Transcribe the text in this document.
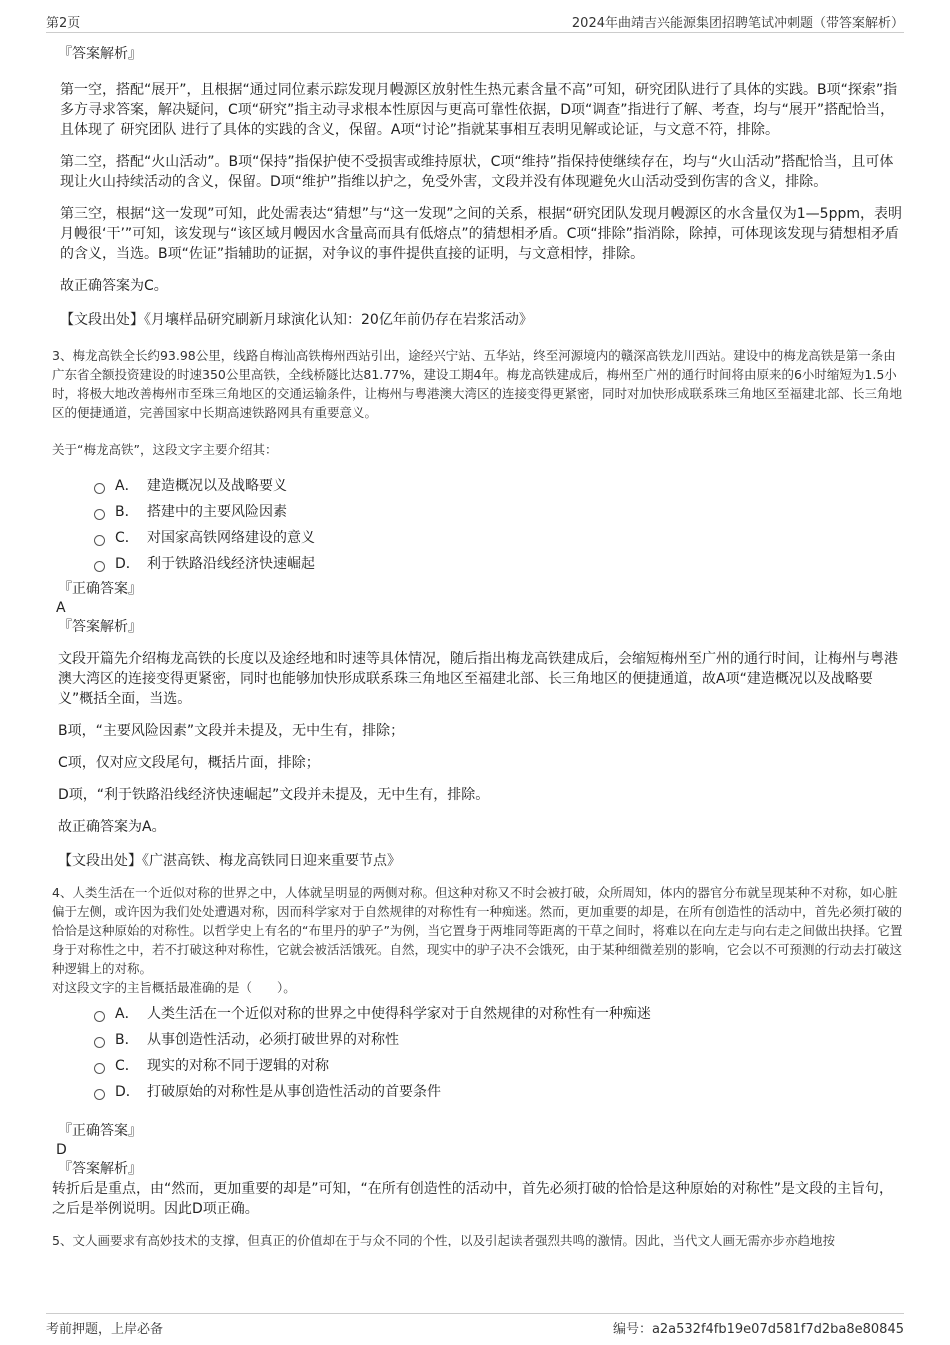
第2页	2024年曲靖吉兴能源集团招聘笔试冲刺题（带答案解析）
『答案解析』

第一空，搭配“展开”，且根据“通过同位素示踪发现月幔源区放射性生热元素含量不高”可知，研究团队进行了具体的实践。B项“探索”指多方寻求答案，解决疑问，C项“研究”指主动寻求根本性原因与更高可靠性依据，D项“调查”指进行了解、考查，均与“展开”搭配恰当，且体现了 研究团队 进行了具体的实践的含义，保留。A项“讨论”指就某事相互表明见解或论证，与文意不符，排除。

第二空，搭配“火山活动”。B项“保持”指保护使不受损害或维持原状，C项“维持”指保持使继续存在，均与“火山活动”搭配恰当，且可体现让火山持续活动的含义，保留。D项“维护”指维以护之，免受外害，文段并没有体现避免火山活动受到伤害的含义，排除。

第三空，根据“这一发现”可知，此处需表达“猜想”与“这一发现”之间的关系，根据“研究团队发现月幔源区的水含量仅为1—5ppm，表明月幔很‘干’”可知，该发现与“该区域月幔因水含量高而具有低熔点”的猜想相矛盾。C项“排除”指消除，除掉，可体现该发现与猜想相矛盾的含义，当选。B项“佐证”指辅助的证据，对争议的事件提供直接的证明，与文意相悖，排除。

故正确答案为C。

【文段出处】《月壤样品研究刷新月球演化认知：20亿年前仍存在岩浆活动》

3、梅龙高铁全长约93.98公里，线路自梅汕高铁梅州西站引出，途经兴宁站、五华站，终至河源境内的赣深高铁龙川西站。建设中的梅龙高铁是第一条由广东省全额投资建设的时速350公里高铁，全线桥隧比达81.77%，建设工期4年。梅龙高铁建成后，梅州至广州的通行时间将由原来的6小时缩短为1.5小时，将极大地改善梅州市至珠三角地区的交通运输条件，让梅州与粤港澳大湾区的连接变得更紧密，同时对加快形成联系珠三角地区至福建北部、长三角地区的便捷通道，完善国家中长期高速铁路网具有重要意义。

关于“梅龙高铁”，这段文字主要介绍其：

A． 建造概况以及战略要义
B． 搭建中的主要风险因素
C． 对国家高铁网络建设的意义
D． 利于铁路沿线经济快速崛起
『正确答案』
A
『答案解析』

文段开篇先介绍梅龙高铁的长度以及途经地和时速等具体情况，随后指出梅龙高铁建成后，会缩短梅州至广州的通行时间，让梅州与粤港澳大湾区的连接变得更紧密，同时也能够加快形成联系珠三角地区至福建北部、长三角地区的便捷通道，故A项“建造概况以及战略要义”概括全面，当选。

B项，“主要风险因素”文段并未提及，无中生有，排除；

C项，仅对应文段尾句，概括片面，排除；

D项，“利于铁路沿线经济快速崛起”文段并未提及，无中生有，排除。

故正确答案为A。

【文段出处】《广湛高铁、梅龙高铁同日迎来重要节点》

4、人类生活在一个近似对称的世界之中，人体就呈明显的两侧对称。但这种对称又不时会被打破，众所周知，体内的器官分布就呈现某种不对称，如心脏偏于左侧，或许因为我们处处遭遇对称，因而科学家对于自然规律的对称性有一种痴迷。然而，更加重要的却是，在所有创造性的活动中，首先必须打破的恰恰是这种原始的对称性。以哲学史上有名的“布里丹的驴子”为例，当它置身于两堆同等距离的干草之间时，将难以在向左走与向右走之间做出抉择。它置身于对称性之中，若不打破这种对称性，它就会被活活饿死。自然，现实中的驴子决不会饿死，由于某种细微差别的影响，它会以不可预测的行动去打破这种逻辑上的对称。

对这段文字的主旨概括最准确的是（　　）。

A． 人类生活在一个近似对称的世界之中使得科学家对于自然规律的对称性有一种痴迷
B． 从事创造性活动，必须打破世界的对称性
C． 现实的对称不同于逻辑的对称
D． 打破原始的对称性是从事创造性活动的首要条件
『正确答案』
D
『答案解析』

转折后是重点，由“然而，更加重要的却是”可知，“在所有创造性的活动中，首先必须打破的恰恰是这种原始的对称性”是文段的主旨句，之后是举例说明。因此D项正确。

5、文人画要求有高妙技术的支撑，但真正的价值却在于与众不同的个性，以及引起读者强烈共鸣的激情。因此，当代文人画无需亦步亦趋地按

考前押题，上岸必备	编号：a2a532f4fb19e07d581f7d2ba8e80845
